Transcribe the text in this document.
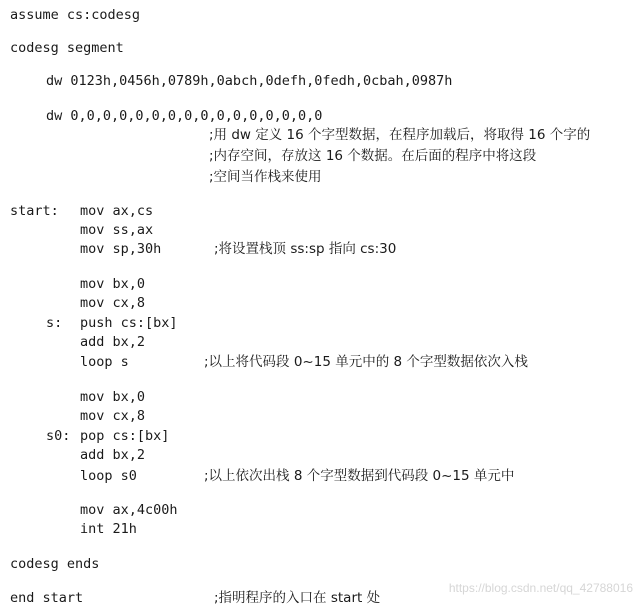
assume cs:codesg
codesg segment
dw 0123h,0456h,0789h,0abch,0defh,0fedh,0cbah,0987h
dw 0,0,0,0,0,0,0,0,0,0,0,0,0,0,0,0
;用 dw 定义 16 个字型数据，在程序加载后，将取得 16 个字的
;内存空间，存放这 16 个数据。在后面的程序中将这段
;空间当作栈来使用
start: mov ax,cs
mov ss,ax
mov sp,30h	;将设置栈顶 ss:sp 指向 cs:30
mov bx,0
mov cx,8
s: push cs:[bx]
add bx,2
loop s	;以上将代码段 0~15 单元中的 8 个字型数据依次入栈
mov bx,0
mov cx,8
s0: pop cs:[bx]
add bx,2
loop s0	;以上依次出栈 8 个字型数据到代码段 0~15 单元中
mov ax,4c00h
int 21h
codesg ends
end start	;指明程序的入口在 start 处
https://blog.csdn.net/qq_42788016
